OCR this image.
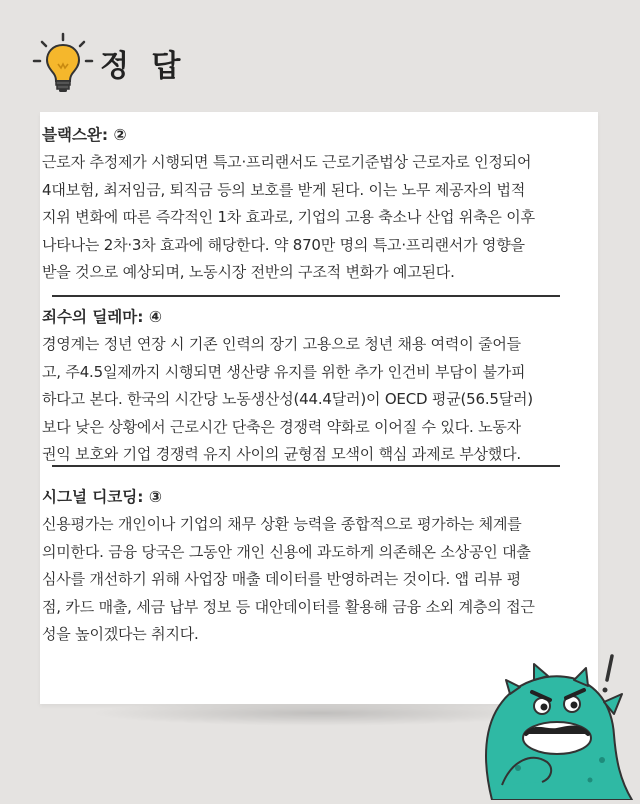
정 답
블랙스완: ②
근로자 추정제가 시행되면 특고·프리랜서도 근로기준법상 근로자로 인정되어
4대보험, 최저임금, 퇴직금 등의 보호를 받게 된다. 이는 노무 제공자의 법적
지위 변화에 따른 즉각적인 1차 효과로, 기업의 고용 축소나 산업 위축은 이후
나타나는 2차·3차 효과에 해당한다. 약 870만 명의 특고·프리랜서가 영향을
받을 것으로 예상되며, 노동시장 전반의 구조적 변화가 예고된다.
죄수의 딜레마: ④
경영계는 정년 연장 시 기존 인력의 장기 고용으로 청년 채용 여력이 줄어들
고, 주4.5일제까지 시행되면 생산량 유지를 위한 추가 인건비 부담이 불가피
하다고 본다. 한국의 시간당 노동생산성(44.4달러)이 OECD 평균(56.5달러)
보다 낮은 상황에서 근로시간 단축은 경쟁력 약화로 이어질 수 있다. 노동자
권익 보호와 기업 경쟁력 유지 사이의 균형점 모색이 핵심 과제로 부상했다.
시그널 디코딩: ③
신용평가는 개인이나 기업의 채무 상환 능력을 종합적으로 평가하는 체계를
의미한다. 금융 당국은 그동안 개인 신용에 과도하게 의존해온 소상공인 대출
심사를 개선하기 위해 사업장 매출 데이터를 반영하려는 것이다. 앱 리뷰 평
점, 카드 매출, 세금 납부 정보 등 대안데이터를 활용해 금융 소외 계층의 접근
성을 높이겠다는 취지다.
